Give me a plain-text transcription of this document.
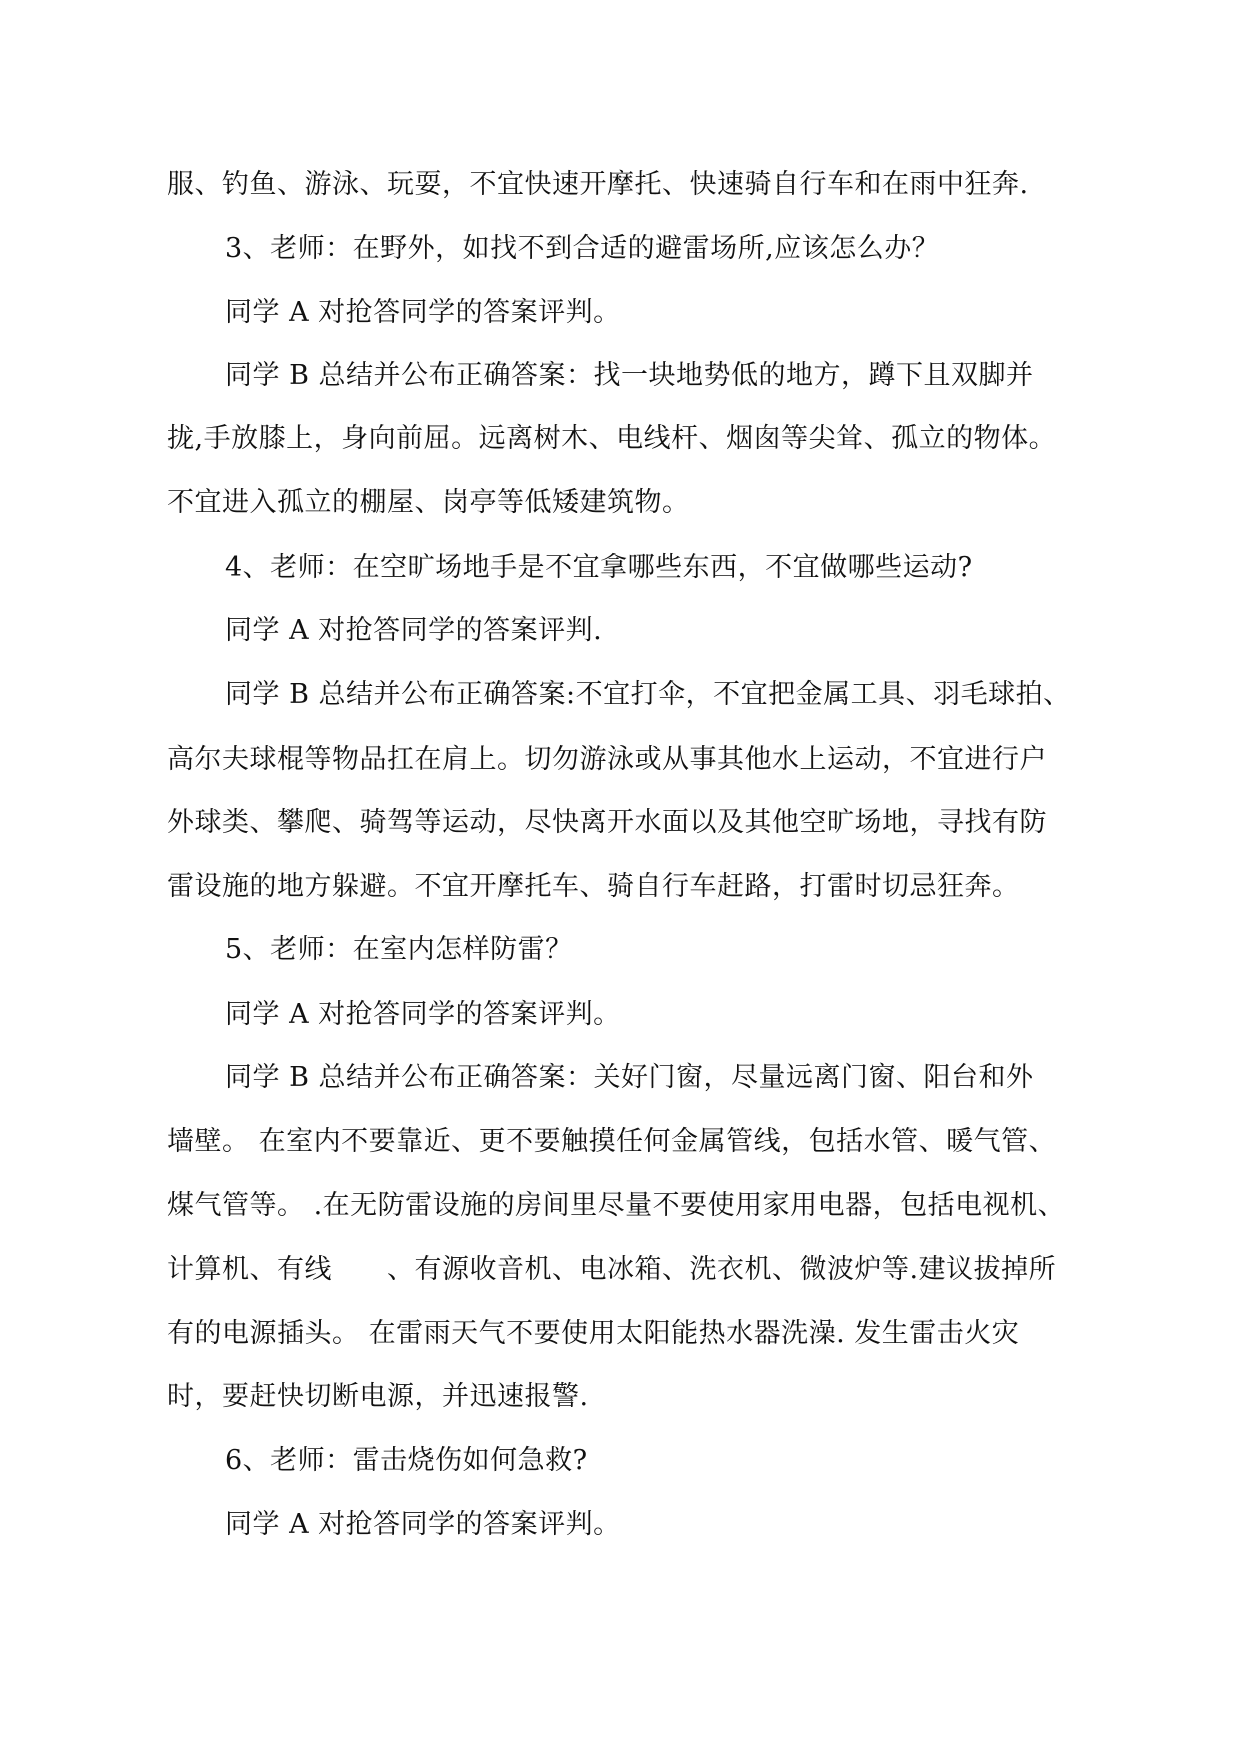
服、钓鱼、游泳、玩耍，不宜快速开摩托、快速骑自行车和在雨中狂奔.

3、老师：在野外，如找不到合适的避雷场所,应该怎么办？

同学 A 对抢答同学的答案评判。

同学 B 总结并公布正确答案：找一块地势低的地方，蹲下且双脚并

拢,手放膝上，身向前屈。远离树木、电线杆、烟囱等尖耸、孤立的物体。

不宜进入孤立的棚屋、岗亭等低矮建筑物。

4、老师：在空旷场地手是不宜拿哪些东西，不宜做哪些运动?

同学 A 对抢答同学的答案评判.

同学 B 总结并公布正确答案:不宜打伞，不宜把金属工具、羽毛球拍、

高尔夫球棍等物品扛在肩上。切勿游泳或从事其他水上运动，不宜进行户

外球类、攀爬、骑驾等运动，尽快离开水面以及其他空旷场地，寻找有防

雷设施的地方躲避。不宜开摩托车、骑自行车赶路，打雷时切忌狂奔。

5、老师：在室内怎样防雷？

同学 A 对抢答同学的答案评判。

同学 B 总结并公布正确答案：关好门窗，尽量远离门窗、阳台和外

墙壁。 在室内不要靠近、更不要触摸任何金属管线，包括水管、暖气管、

煤气管等。 .在无防雷设施的房间里尽量不要使用家用电器，包括电视机、

计算机、有线　　、有源收音机、电冰箱、洗衣机、微波炉等.建议拔掉所

有的电源插头。 在雷雨天气不要使用太阳能热水器洗澡. 发生雷击火灾

时，要赶快切断电源，并迅速报警.

6、老师：雷击烧伤如何急救?

同学 A 对抢答同学的答案评判。
